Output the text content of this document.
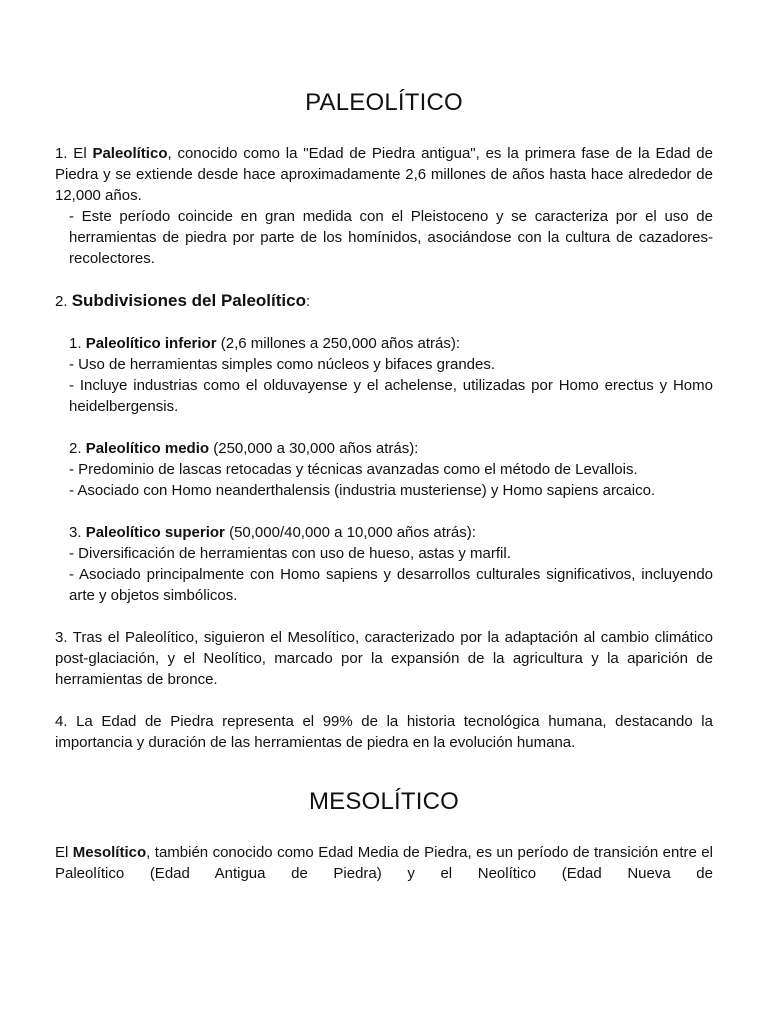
PALEOLÍTICO

1. El Paleolítico, conocido como la "Edad de Piedra antigua", es la primera fase de la Edad de Piedra y se extiende desde hace aproximadamente 2,6 millones de años hasta hace alrededor de 12,000 años.

- Este período coincide en gran medida con el Pleistoceno y se caracteriza por el uso de herramientas de piedra por parte de los homínidos, asociándose con la cultura de cazadores-recolectores.

2. Subdivisiones del Paleolítico:

1. Paleolítico inferior (2,6 millones a 250,000 años atrás):

- Uso de herramientas simples como núcleos y bifaces grandes.

- Incluye industrias como el olduvayense y el achelense, utilizadas por Homo erectus y Homo heidelbergensis.

2. Paleolítico medio (250,000 a 30,000 años atrás):

- Predominio de lascas retocadas y técnicas avanzadas como el método de Levallois.

- Asociado con Homo neanderthalensis (industria musteriense) y Homo sapiens arcaico.

3. Paleolítico superior (50,000/40,000 a 10,000 años atrás):

- Diversificación de herramientas con uso de hueso, astas y marfil.

- Asociado principalmente con Homo sapiens y desarrollos culturales significativos, incluyendo arte y objetos simbólicos.

3. Tras el Paleolítico, siguieron el Mesolítico, caracterizado por la adaptación al cambio climático post-glaciación, y el Neolítico, marcado por la expansión de la agricultura y la aparición de herramientas de bronce.

4. La Edad de Piedra representa el 99% de la historia tecnológica humana, destacando la importancia y duración de las herramientas de piedra en la evolución humana.

MESOLÍTICO

El Mesolítico, también conocido como Edad Media de Piedra, es un período de transición entre el Paleolítico (Edad Antigua de Piedra) y el Neolítico (Edad Nueva de
